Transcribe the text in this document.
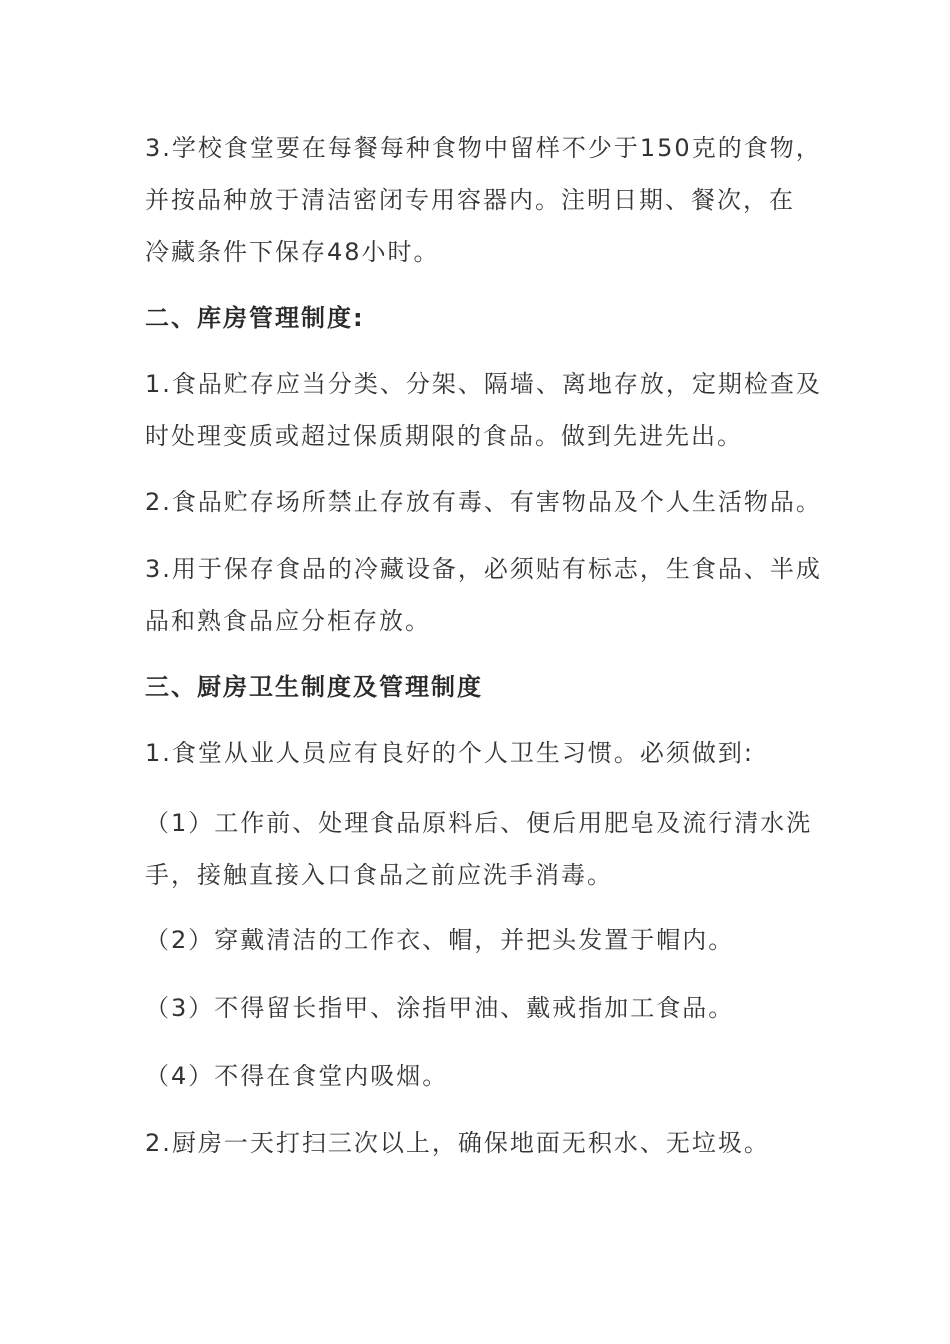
3.学校食堂要在每餐每种食物中留样不少于150克的食物，
并按品种放于清洁密闭专用容器内。注明日期、餐次，在
冷藏条件下保存48小时。

二、库房管理制度:

1.食品贮存应当分类、分架、隔墙、离地存放，定期检查及
时处理变质或超过保质期限的食品。做到先进先出。

2.食品贮存场所禁止存放有毒、有害物品及个人生活物品。

3.用于保存食品的冷藏设备，必须贴有标志，生食品、半成
品和熟食品应分柜存放。

三、厨房卫生制度及管理制度

1.食堂从业人员应有良好的个人卫生习惯。必须做到:

（1）工作前、处理食品原料后、便后用肥皂及流行清水洗
手，接触直接入口食品之前应洗手消毒。

（2）穿戴清洁的工作衣、帽，并把头发置于帽内。

（3）不得留长指甲、涂指甲油、戴戒指加工食品。

（4）不得在食堂内吸烟。

2.厨房一天打扫三次以上，确保地面无积水、无垃圾。
